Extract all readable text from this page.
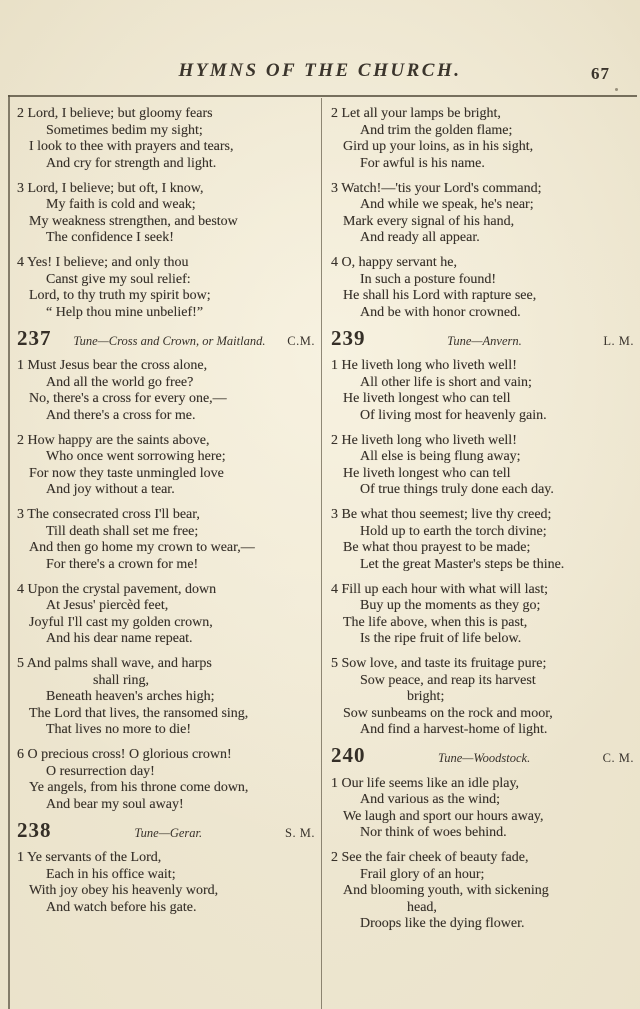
HYMNS OF THE CHURCH.	67
2 Lord, I believe; but gloomy fears
Sometimes bedim my sight;
I look to thee with prayers and tears,
And cry for strength and light.
3 Lord, I believe; but oft, I know,
My faith is cold and weak;
My weakness strengthen, and bestow
The confidence I seek!
4 Yes! I believe; and only thou
Canst give my soul relief:
Lord, to thy truth my spirit bow;
“ Help thou mine unbelief!”
237	Tune—Cross and Crown, or Maitland.	C.M.
1 Must Jesus bear the cross alone,
And all the world go free?
No, there's a cross for every one,—
And there's a cross for me.
2 How happy are the saints above,
Who once went sorrowing here;
For now they taste unmingled love
And joy without a tear.
3 The consecrated cross I'll bear,
Till death shall set me free;
And then go home my crown to wear,—
For there's a crown for me!
4 Upon the crystal pavement, down
At Jesus' piercèd feet,
Joyful I'll cast my golden crown,
And his dear name repeat.
5 And palms shall wave, and harps
shall ring,
Beneath heaven's arches high;
The Lord that lives, the ransomed sing,
That lives no more to die!
6 O precious cross! O glorious crown!
O resurrection day!
Ye angels, from his throne come down,
And bear my soul away!
238	Tune—Gerar.	S. M.
1 Ye servants of the Lord,
Each in his office wait;
With joy obey his heavenly word,
And watch before his gate.
2 Let all your lamps be bright,
And trim the golden flame;
Gird up your loins, as in his sight,
For awful is his name.
3 Watch!—'tis your Lord's command;
And while we speak, he's near;
Mark every signal of his hand,
And ready all appear.
4 O, happy servant he,
In such a posture found!
He shall his Lord with rapture see,
And be with honor crowned.
239	Tune—Anvern.	L. M.
1 He liveth long who liveth well!
All other life is short and vain;
He liveth longest who can tell
Of living most for heavenly gain.
2 He liveth long who liveth well!
All else is being flung away;
He liveth longest who can tell
Of true things truly done each day.
3 Be what thou seemest; live thy creed;
Hold up to earth the torch divine;
Be what thou prayest to be made;
Let the great Master's steps be thine.
4 Fill up each hour with what will last;
Buy up the moments as they go;
The life above, when this is past,
Is the ripe fruit of life below.
5 Sow love, and taste its fruitage pure;
Sow peace, and reap its harvest
bright;
Sow sunbeams on the rock and moor,
And find a harvest-home of light.
240	Tune—Woodstock.	C. M.
1 Our life seems like an idle play,
And various as the wind;
We laugh and sport our hours away,
Nor think of woes behind.
2 See the fair cheek of beauty fade,
Frail glory of an hour;
And blooming youth, with sickening
head,
Droops like the dying flower.
